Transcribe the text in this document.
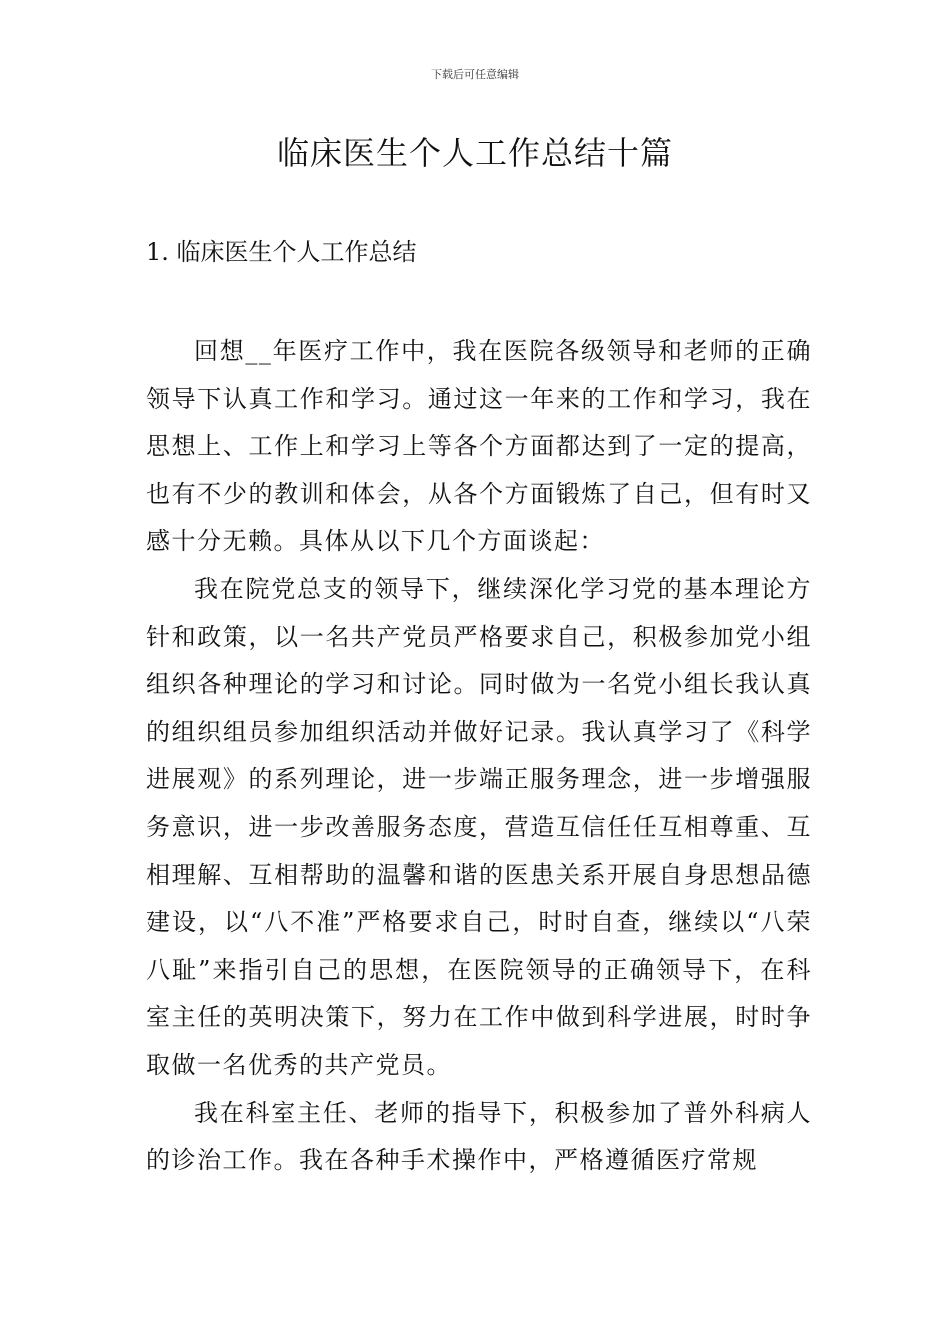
下载后可任意编辑
临床医生个人工作总结十篇
1. 临床医生个人工作总结

回想__年医疗工作中，我在医院各级领导和老师的正确领导下认真工作和学习。通过这一年来的工作和学习，我在思想上、工作上和学习上等各个方面都达到了一定的提高，也有不少的教训和体会，从各个方面锻炼了自己，但有时又感十分无赖。具体从以下几个方面谈起：

我在院党总支的领导下，继续深化学习党的基本理论方针和政策，以一名共产党员严格要求自己，积极参加党小组组织各种理论的学习和讨论。同时做为一名党小组长我认真的组织组员参加组织活动并做好记录。我认真学习了《科学进展观》的系列理论，进一步端正服务理念，进一步增强服务意识，进一步改善服务态度，营造互信任任互相尊重、互相理解、互相帮助的温馨和谐的医患关系开展自身思想品德建设，以“八不准”严格要求自己，时时自查，继续以“八荣八耻”来指引自己的思想，在医院领导的正确领导下，在科室主任的英明决策下，努力在工作中做到科学进展，时时争取做一名优秀的共产党员。

我在科室主任、老师的指导下，积极参加了普外科病人的诊治工作。我在各种手术操作中，严格遵循医疗常规
